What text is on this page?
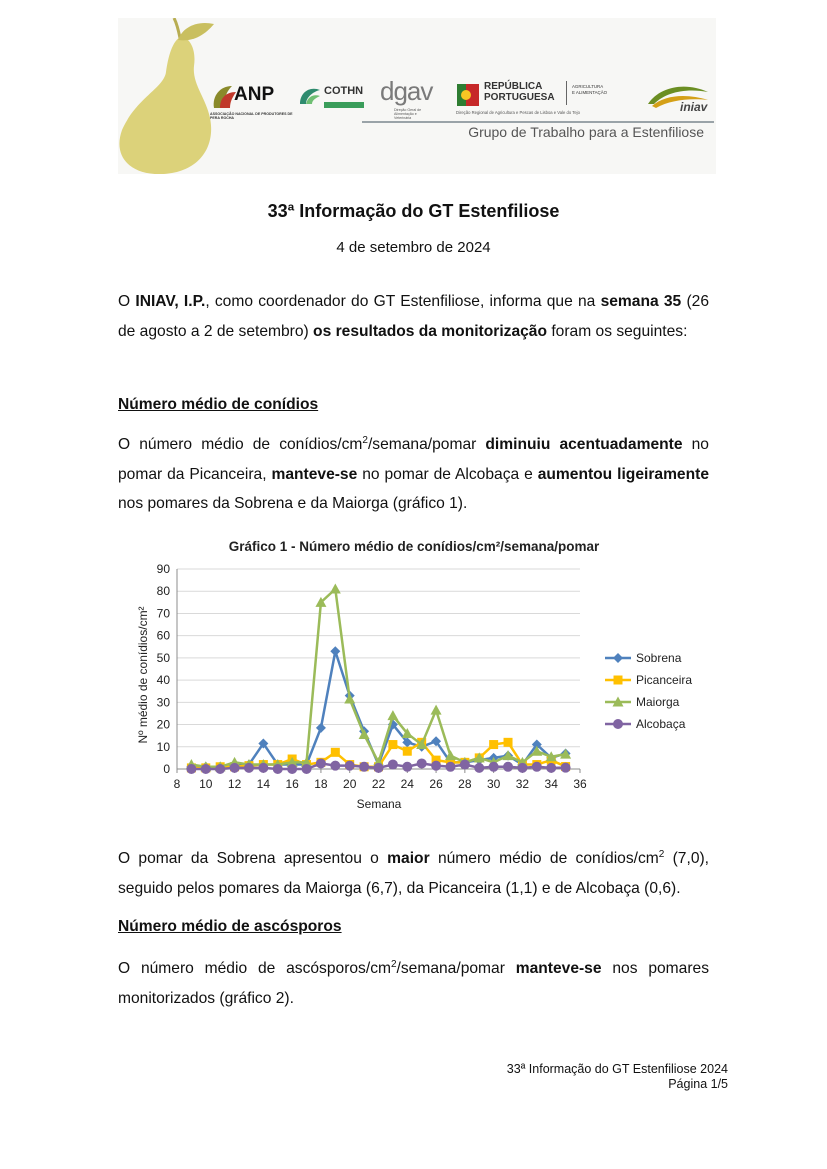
ANP
ASSOCIAÇÃO NACIONAL DE PRODUTORES DE PERA ROCHA
COTHN dgav
Direção Geral de Alimentação e Veterinária
REPÚBLICA
PORTUGUESA
AGRICULTURA
E ALIMENTAÇÃO
Direção Regional de Agricultura e Pescas de Lisboa e Vale do Tejo	iniav
Grupo de Trabalho para a Estenfiliose
33ª Informação do GT Estenfiliose
4 de setembro de 2024
O INIAV, I.P., como coordenador do GT Estenfiliose, informa que na semana 35 (26 de agosto a 2 de setembro) os resultados da monitorização foram os seguintes:
Número médio de conídios
O número médio de conídios/$cm^2/semana$/pomar diminuiu acentuadamente no pomar da Picanceira, manteve-se no pomar de Alcobaça e aumentou ligeiramente nos pomares da Sobrena e da Maiorga (gráfico 1).
Gráfico 1 - Número médio de conídios/cm²/semana/pomar
0
10
20
30
40
50
60
70
80
90
8 10 12 14 16 18 20 22 24 26 28 30 32 34 36
Sobrena
Picanceira
Maiorga
Alcobaça
Semana
Nº médio de conídios/cm²
O pomar da Sobrena apresentou o maior número médio de conídios/$cm^2$ (7,0), seguido pelos pomares da Maiorga (6,7), da Picanceira (1,1) e de Alcobaça (0,6).
Número médio de ascósporos
O número médio de ascósporos/$cm^2/semana$/pomar manteve-se nos pomares monitorizados (gráfico 2).
33ª Informação do GT Estenfiliose 2024
Página 1/5
